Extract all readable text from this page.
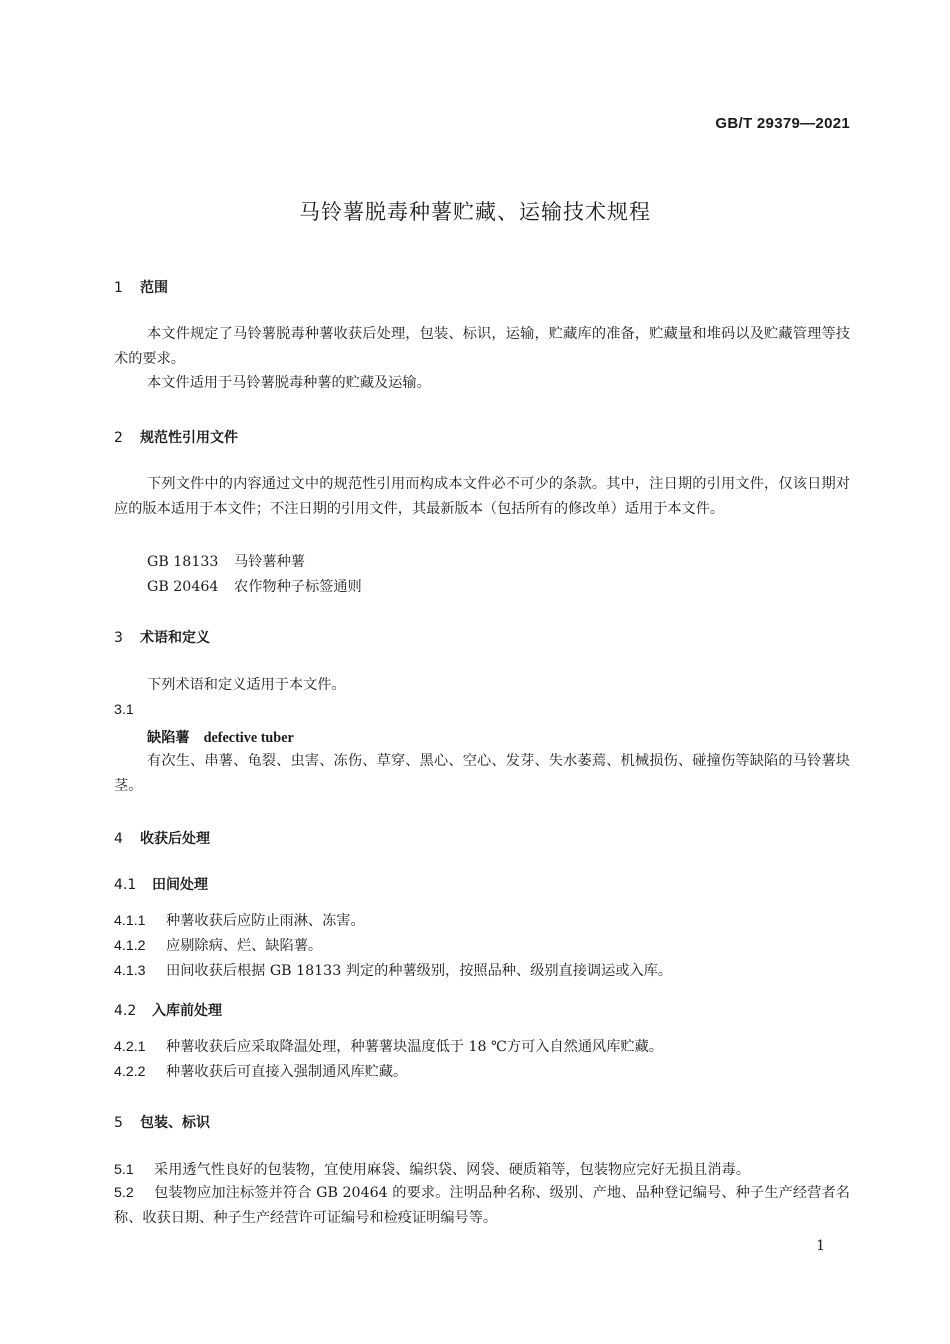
GB/T 29379—2021
马铃薯脱毒种薯贮藏、运输技术规程
1 范围
本文件规定了马铃薯脱毒种薯收获后处理，包装、标识，运输，贮藏库的准备，贮藏量和堆码以及贮藏管理等技术的要求。
本文件适用于马铃薯脱毒种薯的贮藏及运输。
2 规范性引用文件
下列文件中的内容通过文中的规范性引用而构成本文件必不可少的条款。其中，注日期的引用文件，仅该日期对应的版本适用于本文件；不注日期的引用文件，其最新版本（包括所有的修改单）适用于本文件。
GB 18133 马铃薯种薯
GB 20464 农作物种子标签通则
3 术语和定义
下列术语和定义适用于本文件。
3.1
缺陷薯 defective tuber
有次生、串薯、龟裂、虫害、冻伤、草穿、黑心、空心、发芽、失水萎蔫、机械损伤、碰撞伤等缺陷的马铃薯块茎。
4 收获后处理
4.1 田间处理
4.1.1 种薯收获后应防止雨淋、冻害。
4.1.2 应剔除病、烂、缺陷薯。
4.1.3 田间收获后根据 GB 18133 判定的种薯级别，按照品种、级别直接调运或入库。
4.2 入库前处理
4.2.1 种薯收获后应采取降温处理，种薯薯块温度低于 18 ℃方可入自然通风库贮藏。
4.2.2 种薯收获后可直接入强制通风库贮藏。
5 包装、标识
5.1 采用透气性良好的包装物，宜使用麻袋、编织袋、网袋、硬质箱等，包装物应完好无损且消毒。
5.2 包装物应加注标签并符合 GB 20464 的要求。注明品种名称、级别、产地、品种登记编号、种子生产经营者名称、收获日期、种子生产经营许可证编号和检疫证明编号等。
1
